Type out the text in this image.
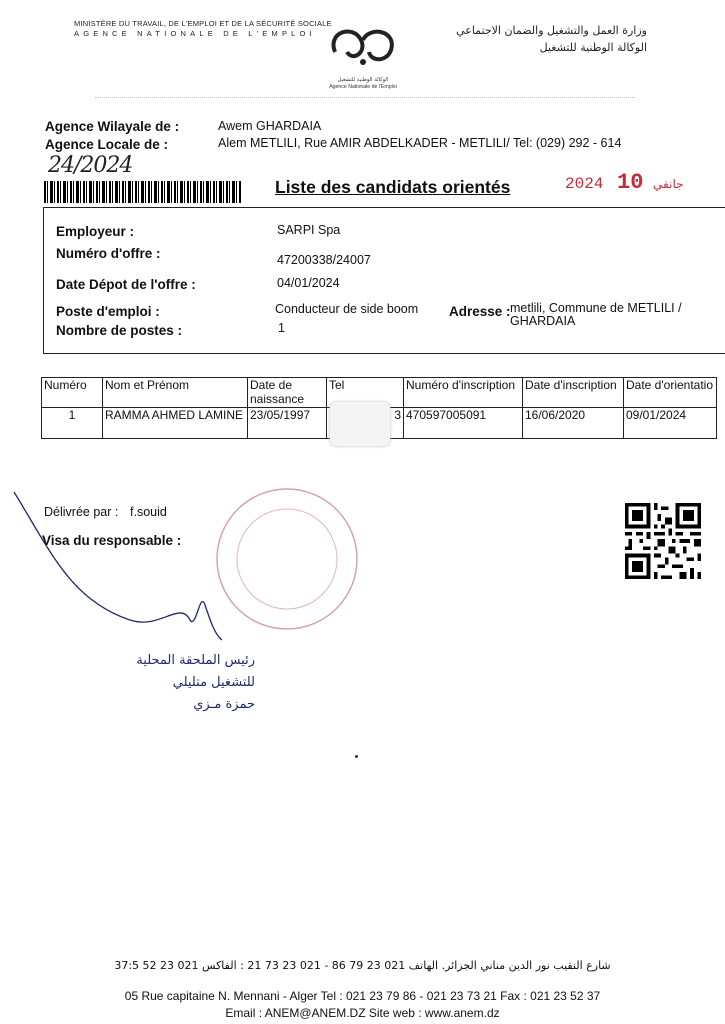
MINISTÈRE DU TRAVAIL, DE L'EMPLOI ET DE LA SÉCURITÉ SOCIALE
AGENCE NATIONALE DE L'EMPLOI
الوكالة الوطنية للتشغيل
Agence Nationale de l'Emploi
وزارة العمل والتشغيل والضمان الاجتماعي
الوكالة الوطنية للتشغيل
Agence Wilayale de :	Awem GHARDAIA
Agence Locale de :	Alem METLILI, Rue AMIR ABDELKADER - METLILI/ Tel: (029) 292 - 614
24/2024
Liste des candidats orientés	2024	جانفي 10
Employeur :	SARPI Spa
Numéro d'offre :	47200338/24007
Date Dépot de l'offre :	04/01/2024
Poste d'emploi :	Conducteur de side boom
Nombre de postes :	1
Adresse : metlili, Commune de METLILI / GHARDAIA
Numéro	Nom et Prénom	Date de naissance	Tel	Numéro d'inscription	Date d'inscription	Date d'orientatio
1	RAMMA AHMED LAMINE	23/05/1997	3	470597005091	16/06/2020	09/01/2024
Délivrée par : f.souid
Visa du responsable :
رئيس الملحقة المحلية
للتشغيل متليلي
حمزة مـزي
شارع النقيب نور الدين مناني الجزائر. الهاتف 021 23 79 86 - 021 23 73 21 : الفاكس 021 23 52 37:5
05 Rue capitaine N. Mennani - Alger Tel : 021 23 79 86 - 021 23 73 21 Fax : 021 23 52 37
Email : ANEM@ANEM.DZ Site web : www.anem.dz
